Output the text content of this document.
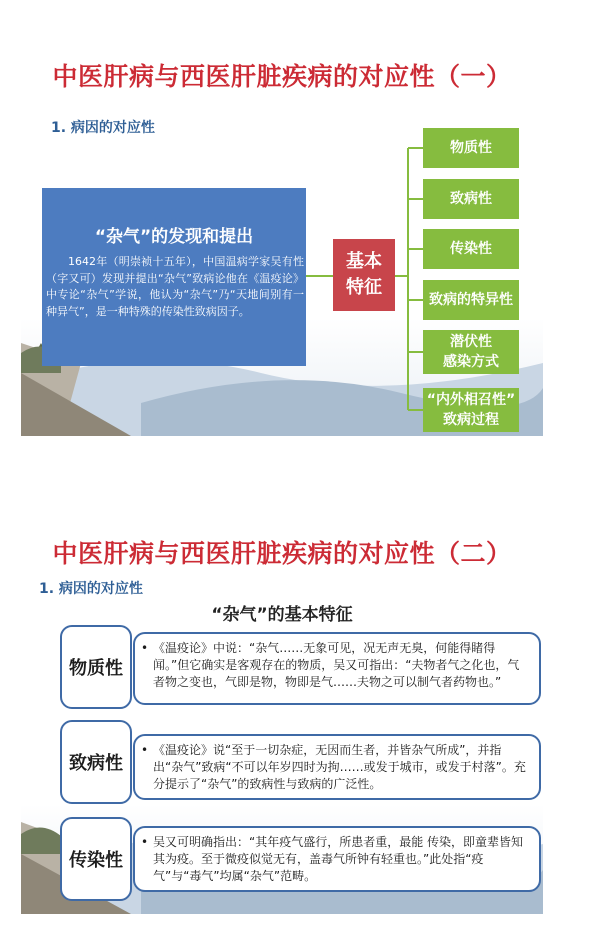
中医肝病与西医肝脏疾病的对应性（一）
1. 病因的对应性
“杂气”的发现和提出
1642年（明崇祯十五年），中国温病学家吴有性（字又可）发现并提出“杂气”致病论他在《温疫论》中专论“杂气”学说，他认为“杂气”乃“天地间别有一种异气”，是一种特殊的传染性致病因子。
基本
特征
物质性
致病性
传染性
致病的特异性
潜伏性
感染方式
“内外相召性”
致病过程
中医肝病与西医肝脏疾病的对应性（二）
1. 病因的对应性
“杂气”的基本特征
物质性
• 《温疫论》中说：“杂气……无象可见，况无声无臭，何能得睹得闻。”但它确实是客观存在的物质，吴又可指出：“夫物者气之化也，气者物之变也，气即是物，物即是气……夫物之可以制气者药物也。”
致病性
• 《温疫论》说“至于一切杂症，无因而生者，并皆杂气所成”，并指出“杂气”致病“不可以年岁四时为拘……或发于城市，或发于村落”。充分提示了“杂气”的致病性与致病的广泛性。
传染性
• 吴又可明确指出：“其年疫气盛行，所患者重，最能 传染，即童辈皆知其为疫。至于微疫似觉无有，盖毒气所钟有轻重也。”此处指“疫气”与“毒气”均属“杂气”范畴。
